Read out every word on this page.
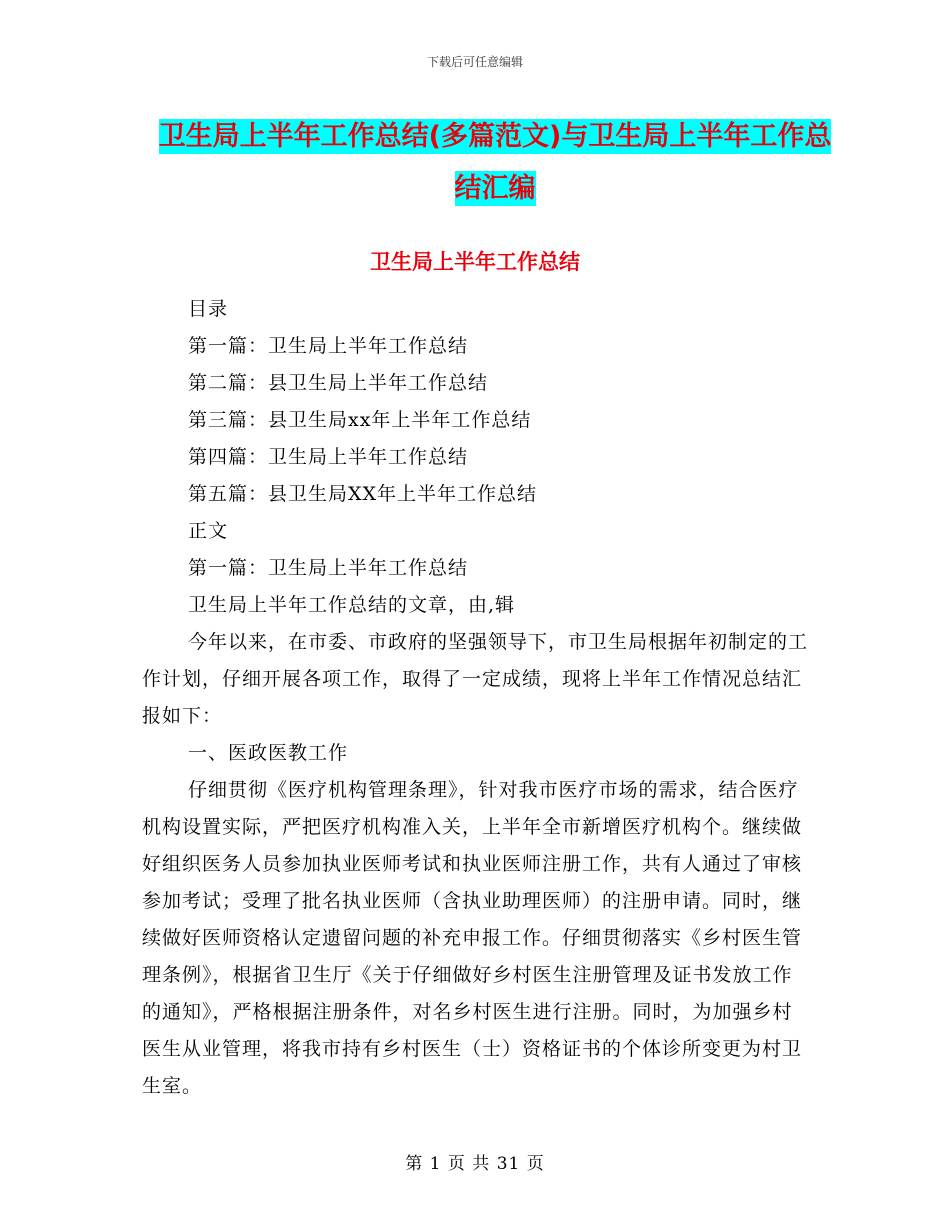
下载后可任意编辑
卫生局上半年工作总结(多篇范文)与卫生局上半年工作总结汇编
卫生局上半年工作总结

目录

第一篇：卫生局上半年工作总结

第二篇：县卫生局上半年工作总结

第三篇：县卫生局xx年上半年工作总结

第四篇：卫生局上半年工作总结

第五篇：县卫生局XX年上半年工作总结

正文

第一篇：卫生局上半年工作总结

卫生局上半年工作总结的文章，由,辑

今年以来，在市委、市政府的坚强领导下，市卫生局根据年初制定的工作计划，仔细开展各项工作，取得了一定成绩，现将上半年工作情况总结汇报如下：

一、医政医教工作

仔细贯彻《医疗机构管理条理》，针对我市医疗市场的需求，结合医疗机构设置实际，严把医疗机构准入关，上半年全市新增医疗机构个。继续做好组织医务人员参加执业医师考试和执业医师注册工作，共有人通过了审核参加考试；受理了批名执业医师（含执业助理医师）的注册申请。同时，继续做好医师资格认定遗留问题的补充申报工作。仔细贯彻落实《乡村医生管理条例》，根据省卫生厅《关于仔细做好乡村医生注册管理及证书发放工作的通知》，严格根据注册条件，对名乡村医生进行注册。同时，为加强乡村医生从业管理，将我市持有乡村医生（士）资格证书的个体诊所变更为村卫生室。

第 1 页 共 31 页
